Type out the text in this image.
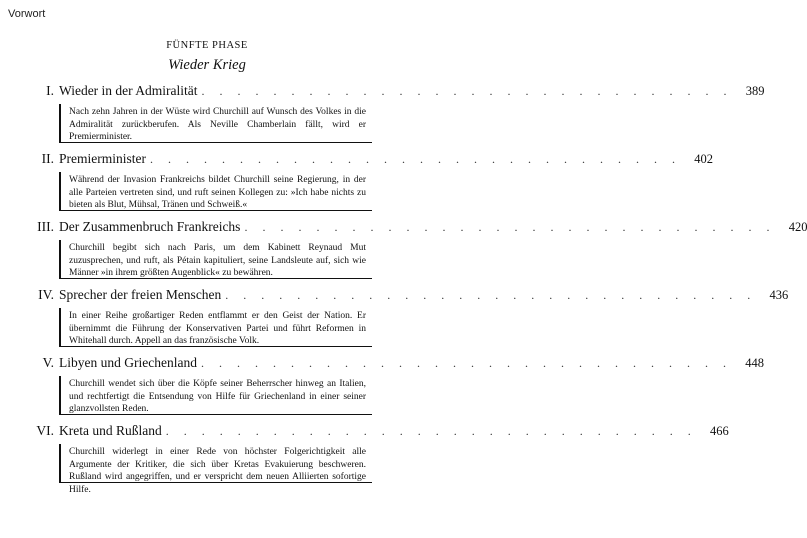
Vorwort
FÜNFTE PHASE
Wieder Krieg
I. Wieder in der Admiralität . . . . . . . . . . . . . . . . . . . . . . . . . . . . . .	389
Nach zehn Jahren in der Wüste wird Churchill auf Wunsch des Volkes in die Admiralität zurückberufen. Als Neville Chamberlain fällt, wird er Premierminister.
II. Premierminister . . . . . . . . . . . . . . . . . . . . . . . . . . . . . .	402
Während der Invasion Frankreichs bildet Churchill seine Regierung, in der alle Parteien vertreten sind, und ruft seinen Kollegen zu: »Ich habe nichts zu bieten als Blut, Mühsal, Tränen und Schweiß.«
III. Der Zusammenbruch Frankreichs . . . . . . . . . . . . . . . . . . . . . . . . . . . . . .	420
Churchill begibt sich nach Paris, um dem Kabinett Reynaud Mut zuzusprechen, und ruft, als Pétain kapituliert, seine Landsleute auf, sich wie Männer »in ihrem größten Augenblick« zu bewähren.
IV. Sprecher der freien Menschen . . . . . . . . . . . . . . . . . . . . . . . . . . . . . .	436
In einer Reihe großartiger Reden entflammt er den Geist der Nation. Er übernimmt die Führung der Konservativen Partei und führt Reformen in Whitehall durch. Appell an das französische Volk.
V. Libyen und Griechenland . . . . . . . . . . . . . . . . . . . . . . . . . . . . . .	448
Churchill wendet sich über die Köpfe seiner Beherrscher hinweg an Italien, und rechtfertigt die Entsendung von Hilfe für Griechenland in einer seiner glanzvollsten Reden.
VI. Kreta und Rußland . . . . . . . . . . . . . . . . . . . . . . . . . . . . . .	466
Churchill widerlegt in einer Rede von höchster Folgerichtigkeit alle Argumente der Kritiker, die sich über Kretas Evakuierung beschweren. Rußland wird angegriffen, und er verspricht dem neuen Alliierten sofortige Hilfe.
